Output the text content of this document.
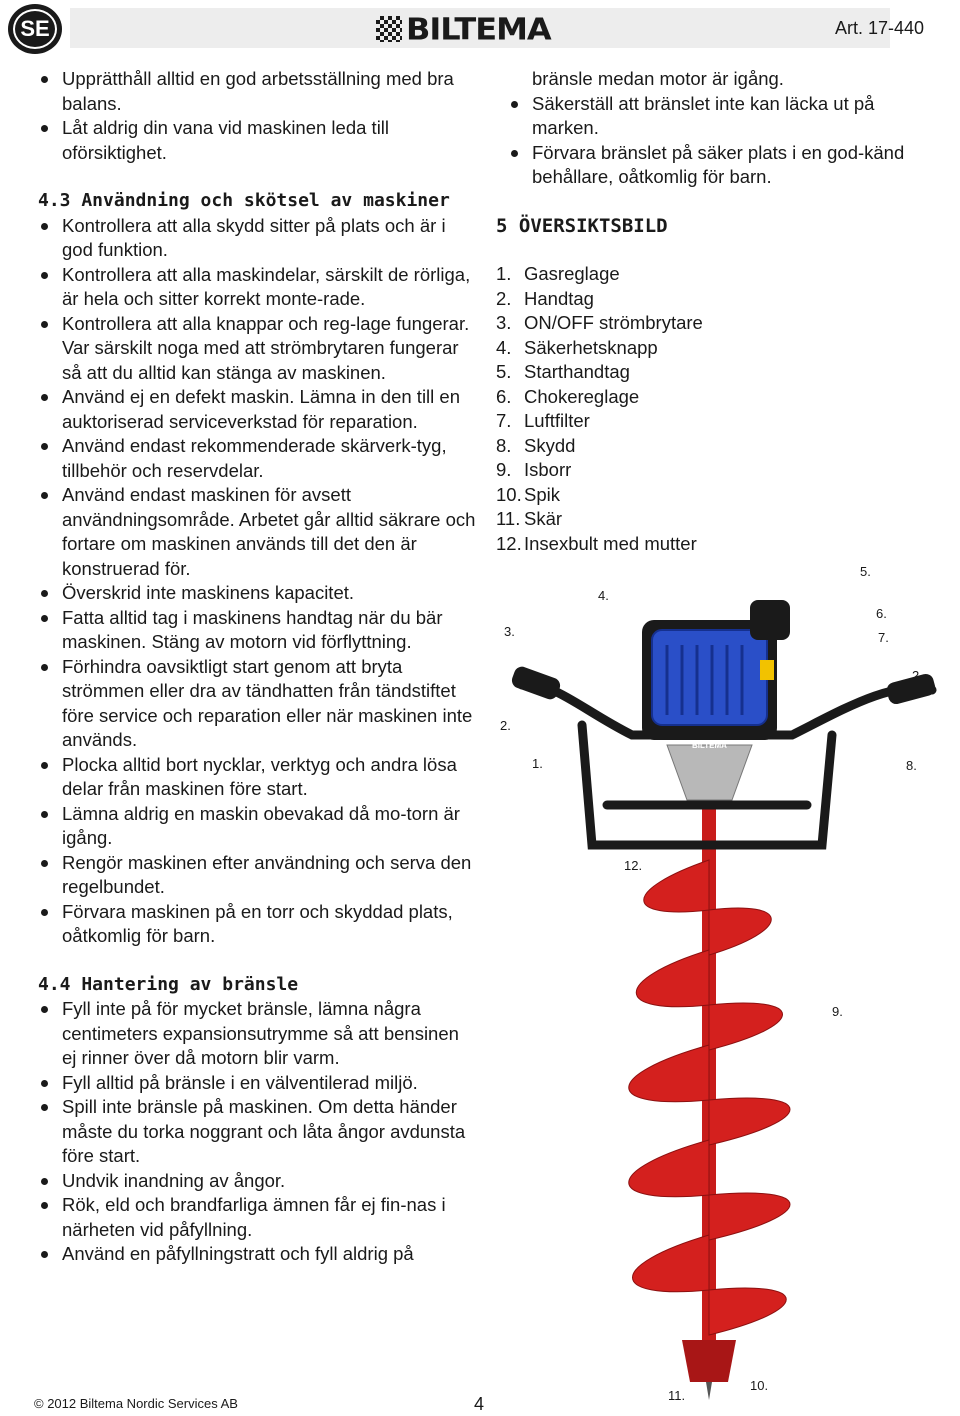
SE	BILTEMA	Art. 17-440
Upprätthåll alltid en god arbetsställning med bra balans.
Låt aldrig din vana vid maskinen leda till oförsiktighet.
4.3 Användning och skötsel av maskiner
Kontrollera att alla skydd sitter på plats och är i god funktion.
Kontrollera att alla maskindelar, särskilt de rörliga, är hela och sitter korrekt monte-rade.
Kontrollera att alla knappar och reg-lage fungerar. Var särskilt noga med att strömbrytaren fungerar så att du alltid kan stänga av maskinen.
Använd ej en defekt maskin. Lämna in den till en auktoriserad serviceverkstad för reparation.
Använd endast rekommenderade skärverk-tyg, tillbehör och reservdelar.
Använd endast maskinen för avsett användningsområde. Arbetet går alltid säkrare och fortare om maskinen används till det den är konstruerad för.
Överskrid inte maskinens kapacitet.
Fatta alltid tag i maskinens handtag när du bär maskinen. Stäng av motorn vid förflyttning.
Förhindra oavsiktligt start genom att bryta strömmen eller dra av tändhatten från tändstiftet före service och reparation eller när maskinen inte används.
Plocka alltid bort nycklar, verktyg och andra lösa delar från maskinen före start.
Lämna aldrig en maskin obevakad då mo-torn är igång.
Rengör maskinen efter användning och serva den regelbundet.
Förvara maskinen på en torr och skyddad plats, oåtkomlig för barn.
4.4 Hantering av bränsle
Fyll inte på för mycket bränsle, lämna några centimeters expansionsutrymme så att bensinen ej rinner över då motorn blir varm.
Fyll alltid på bränsle i en välventilerad miljö.
Spill inte bränsle på maskinen. Om detta händer måste du torka noggrant och låta ångor avdunsta före start.
Undvik inandning av ångor.
Rök, eld och brandfarliga ämnen får ej fin-nas i närheten vid påfyllning.
Använd en påfyllningstratt och fyll aldrig på
bränsle medan motor är igång.
Säkerställ att bränslet inte kan läcka ut på marken.
Förvara bränslet på säker plats i en god-känd behållare, oåtkomlig för barn.
5 ÖVERSIKTSBILD
1. Gasreglage
2. Handtag
3. ON/OFF strömbrytare
4. Säkerhetsknapp
5. Starthandtag
6. Chokereglage
7. Luftfilter
8. Skydd
9. Isborr
10. Spik
11. Skär
12. Insexbult med mutter
BILTEMA
1.
2.
2.
3.
4.
5.
6.
7.
8.
9.
10.
11.
12.
© 2012 Biltema Nordic Services AB	4
